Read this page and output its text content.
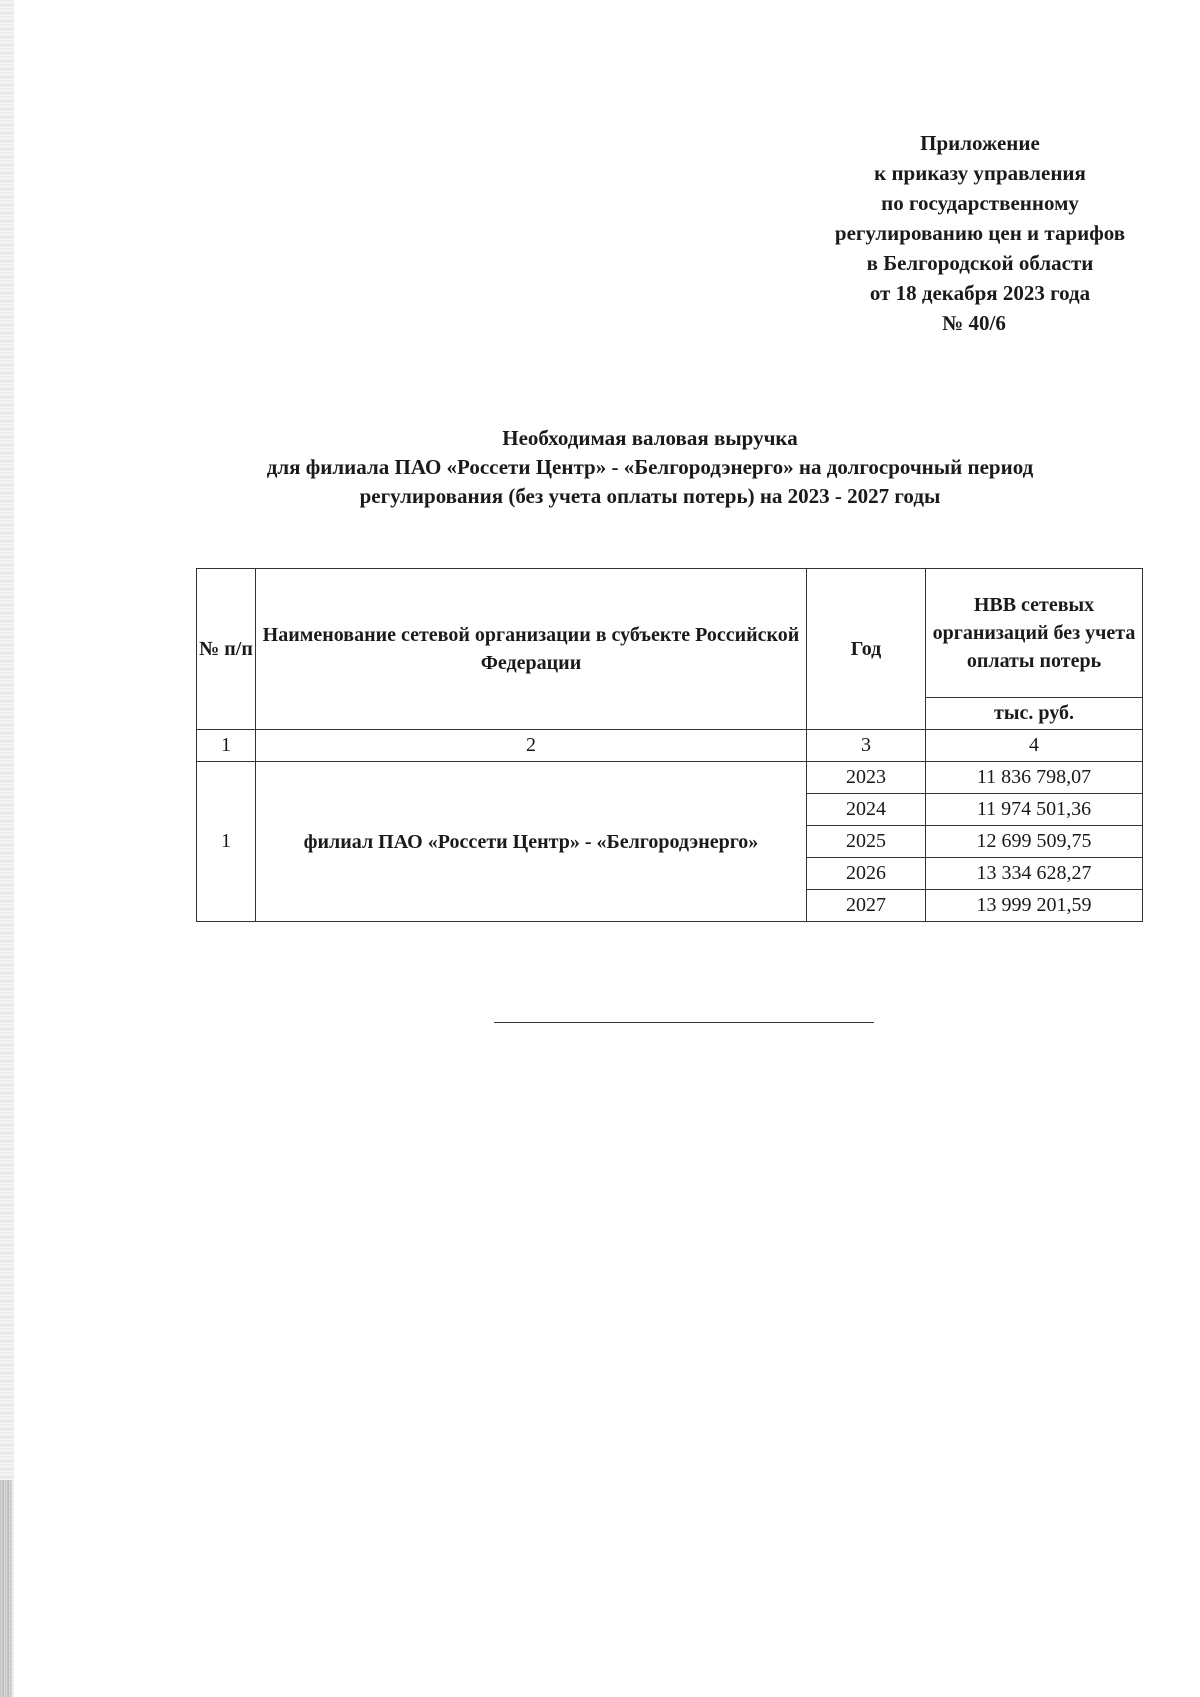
Приложение
к приказу управления
по государственному
регулированию цен и тарифов
в Белгородской области
от 18 декабря 2023 года
№ 40/6
Необходимая валовая выручка
для филиала ПАО «Россети Центр» - «Белгородэнерго» на долгосрочный период
регулирования (без учета оплаты потерь) на 2023 - 2027 годы
№ п/п	Наименование сетевой организации в субъекте Российской Федерации	Год	НВВ сетевых организаций без учета оплаты потерь
			тыс. руб.
1	2	3	4
1	филиал ПАО «Россети Центр» - «Белгородэнерго»	2023	11 836 798,07
		2024	11 974 501,36
		2025	12 699 509,75
		2026	13 334 628,27
		2027	13 999 201,59
